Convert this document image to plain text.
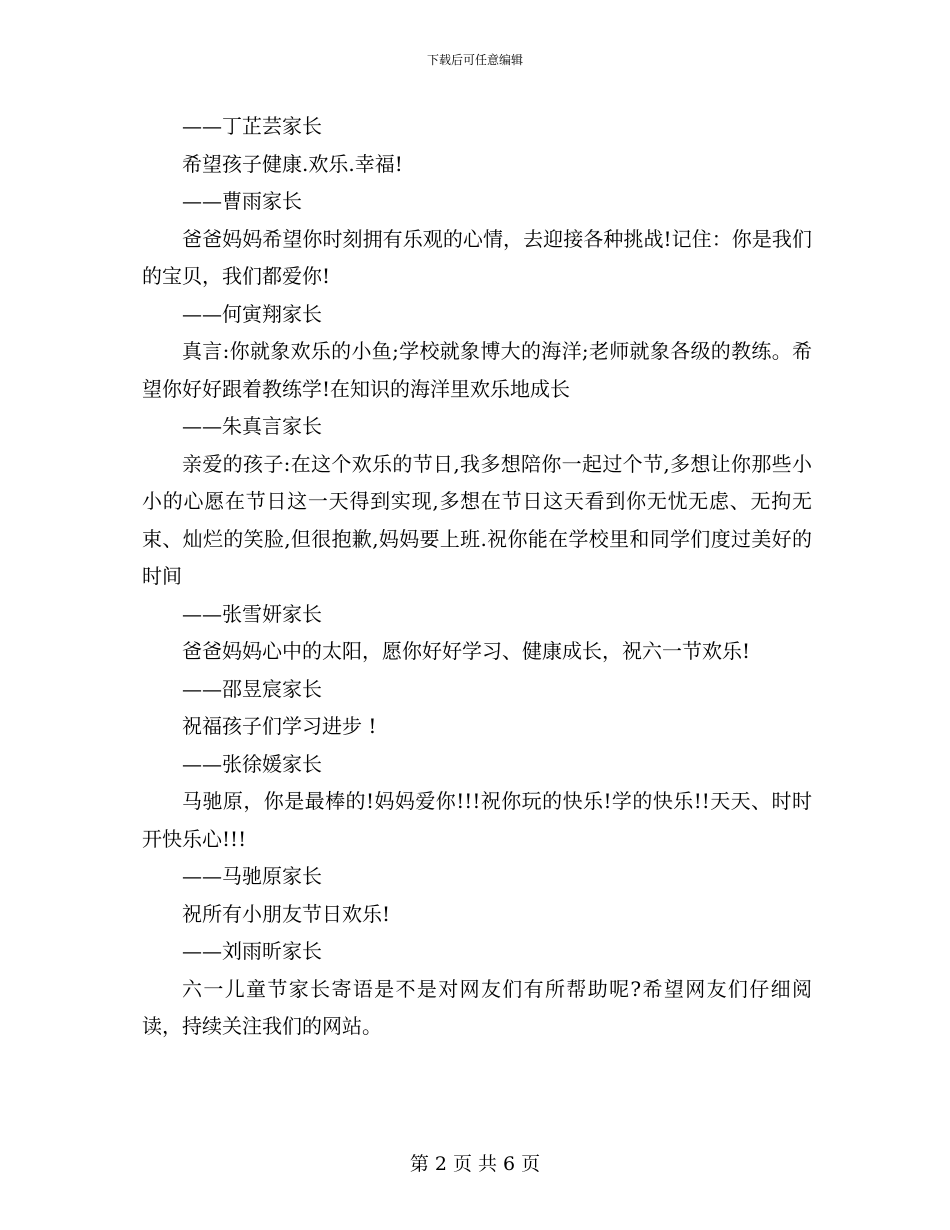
下载后可任意编辑

——丁芷芸家长

希望孩子健康.欢乐.幸福!

——曹雨家长

爸爸妈妈希望你时刻拥有乐观的心情，去迎接各种挑战!记住：你是我们的宝贝，我们都爱你!

——何寅翔家长

真言:你就象欢乐的小鱼;学校就象博大的海洋;老师就象各级的教练。希望你好好跟着教练学!在知识的海洋里欢乐地成长

——朱真言家长

亲爱的孩子:在这个欢乐的节日,我多想陪你一起过个节,多想让你那些小小的心愿在节日这一天得到实现,多想在节日这天看到你无忧无虑、无拘无束、灿烂的笑脸,但很抱歉,妈妈要上班.祝你能在学校里和同学们度过美好的时间

——张雪妍家长

爸爸妈妈心中的太阳，愿你好好学习、健康成长，祝六一节欢乐!

——邵昱宸家长

祝福孩子们学习进步 !

——张徐媛家长

马驰原，你是最棒的!妈妈爱你!!!祝你玩的快乐!学的快乐!!天天、时时开快乐心!!!

——马驰原家长

祝所有小朋友节日欢乐!

——刘雨昕家长

六一儿童节家长寄语是不是对网友们有所帮助呢?希望网友们仔细阅读，持续关注我们的网站。

第 2 页 共 6 页
